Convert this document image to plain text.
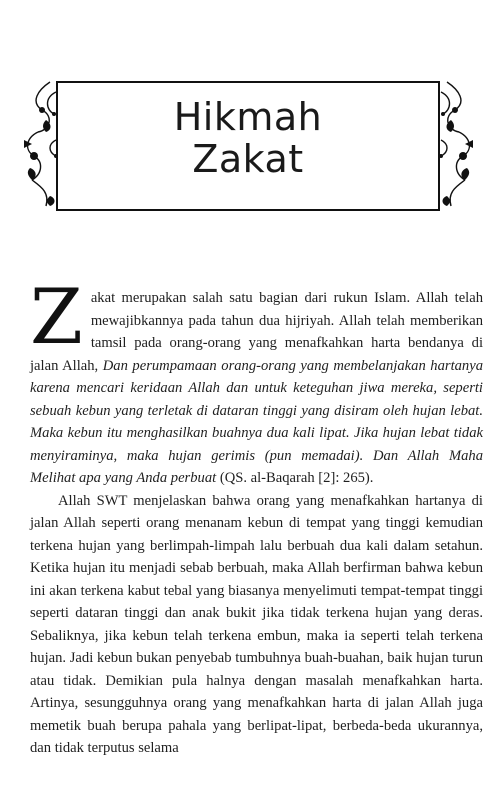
Hikmah
Zakat

Zakat merupakan salah satu bagian dari rukun Islam. Allah telah mewajibkannya pada tahun dua hijriyah. Allah telah memberikan tamsil pada orang-orang yang menafkahkan harta bendanya di jalan Allah, Dan perumpamaan orang-orang yang membelanjakan hartanya karena mencari keridaan Allah dan untuk keteguhan jiwa mereka, seperti sebuah kebun yang terletak di dataran tinggi yang disiram oleh hujan lebat. Maka kebun itu menghasilkan buahnya dua kali lipat. Jika hujan lebat tidak menyiraminya, maka hujan gerimis (pun memadai). Dan Allah Maha Melihat apa yang Anda perbuat (QS. al-Baqarah [2]: 265).

Allah SWT menjelaskan bahwa orang yang menafkahkan hartanya di jalan Allah seperti orang menanam kebun di tempat yang tinggi kemudian terkena hujan yang berlimpah-limpah lalu berbuah dua kali dalam setahun. Ketika hujan itu menjadi sebab berbuah, maka Allah berfirman bahwa kebun ini akan terkena kabut tebal yang biasanya menyelimuti tempat-tempat tinggi seperti dataran tinggi dan anak bukit jika tidak terkena hujan yang deras. Sebaliknya, jika kebun telah terkena embun, maka ia seperti telah terkena hujan. Jadi kebun bukan penyebab tumbuhnya buah-buahan, baik hujan turun atau tidak. Demikian pula halnya dengan masalah menafkahkan harta. Artinya, sesungguhnya orang yang menafkahkan harta di jalan Allah juga memetik buah berupa pahala yang berlipat-lipat, berbeda-beda ukurannya, dan tidak terputus selama
